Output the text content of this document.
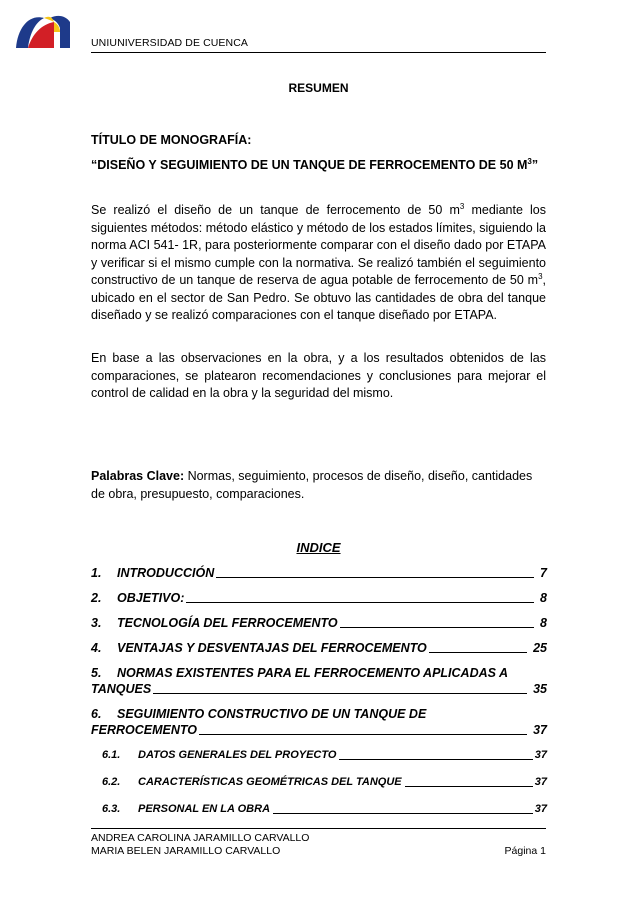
UNIUNIVERSIDAD DE CUENCA
RESUMEN
TÍTULO DE MONOGRAFÍA:
“DISEÑO Y SEGUIMIENTO DE UN TANQUE DE FERROCEMENTO DE 50 $M^3$”
Se realizó el diseño de un tanque de ferrocemento de 50 $m^3$ mediante los siguientes métodos: método elástico y método de los estados límites, siguiendo la norma ACI 541- 1R, para posteriormente comparar con el diseño dado por ETAPA y verificar si el mismo cumple con la normativa. Se realizó también el seguimiento constructivo de un tanque de reserva de agua potable de ferrocemento de 50 $m^3$, ubicado en el sector de San Pedro. Se obtuvo las cantidades de obra del tanque diseñado y se realizó comparaciones con el tanque diseñado por ETAPA.
En base a las observaciones en la obra, y a los resultados obtenidos de las comparaciones, se platearon recomendaciones y conclusiones para mejorar el control de calidad en la obra y la seguridad del mismo.
Palabras Clave: Normas, seguimiento, procesos de diseño, diseño, cantidades de obra, presupuesto, comparaciones.
INDICE
1.	INTRODUCCIÓN	7
2.	OBJETIVO:	8
3.	TECNOLOGÍA DEL FERROCEMENTO	8
4.	VENTAJAS Y DESVENTAJAS DEL FERROCEMENTO	25
5. NORMAS EXISTENTES PARA EL FERROCEMENTO APLICADAS A
TANQUES	35
6. SEGUIMIENTO CONSTRUCTIVO DE UN TANQUE DE
FERROCEMENTO	37
6.1.	DATOS GENERALES DEL PROYECTO	37
6.2.	CARACTERÍSTICAS GEOMÉTRICAS DEL TANQUE	37
6.3.	PERSONAL EN LA OBRA	37
ANDREA CAROLINA JARAMILLO CARVALLO
MARIA BELEN JARAMILLO CARVALLO	Página 1
